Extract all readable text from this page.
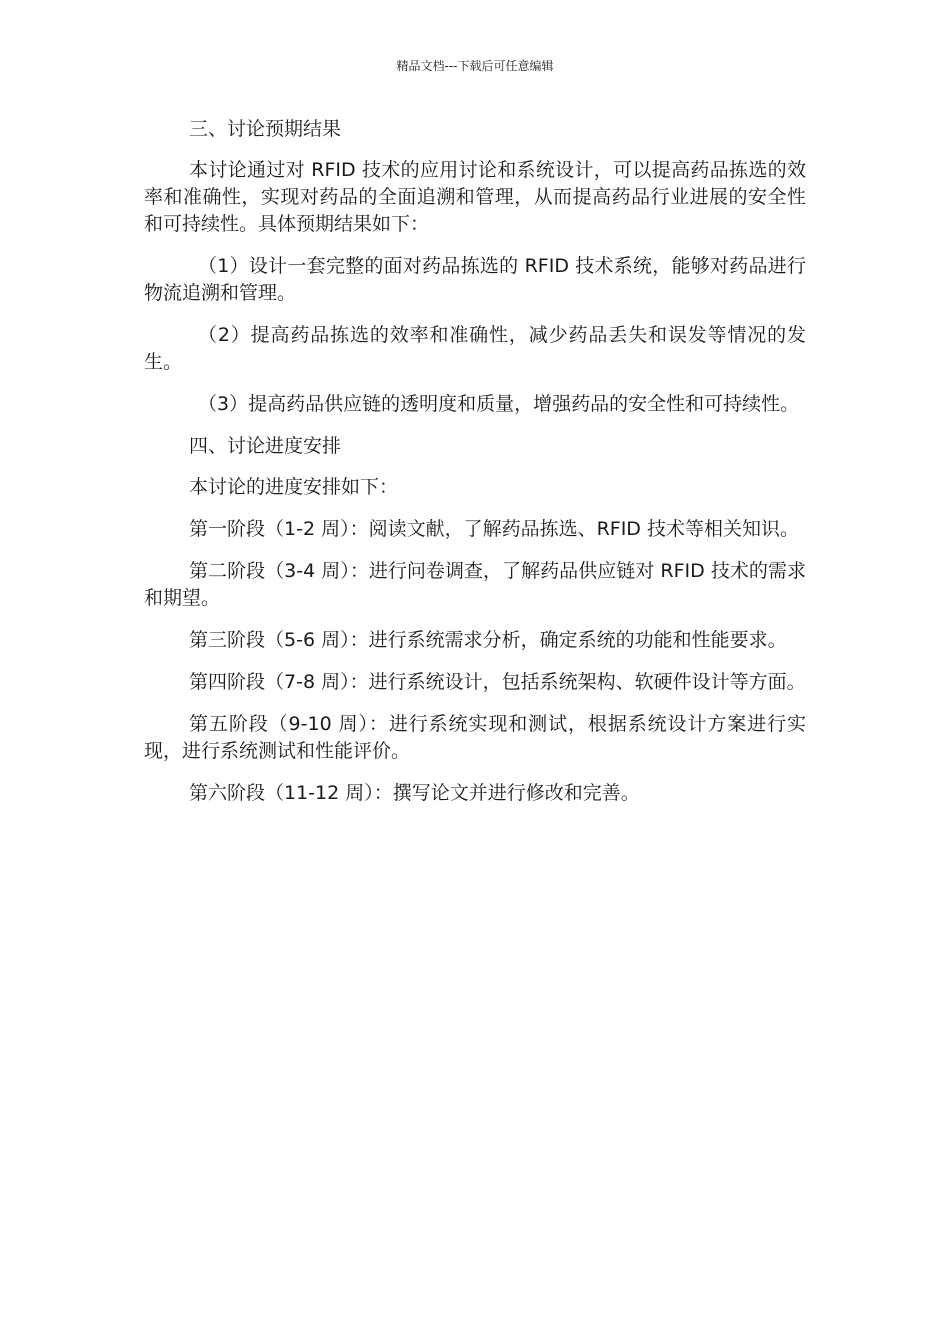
精品文档---下载后可任意编辑

三、讨论预期结果

本讨论通过对 RFID 技术的应用讨论和系统设计，可以提高药品拣选的效率和准确性，实现对药品的全面追溯和管理，从而提高药品行业进展的安全性和可持续性。具体预期结果如下：

（1）设计一套完整的面对药品拣选的 RFID 技术系统，能够对药品进行物流追溯和管理。

（2）提高药品拣选的效率和准确性，减少药品丢失和误发等情况的发生。

（3）提高药品供应链的透明度和质量，增强药品的安全性和可持续性。

四、讨论进度安排

本讨论的进度安排如下：

第一阶段（1-2 周）：阅读文献，了解药品拣选、RFID 技术等相关知识。

第二阶段（3-4 周）：进行问卷调查，了解药品供应链对 RFID 技术的需求和期望。

第三阶段（5-6 周）：进行系统需求分析，确定系统的功能和性能要求。

第四阶段（7-8 周）：进行系统设计，包括系统架构、软硬件设计等方面。

第五阶段（9-10 周）：进行系统实现和测试，根据系统设计方案进行实现，进行系统测试和性能评价。

第六阶段（11-12 周）：撰写论文并进行修改和完善。
